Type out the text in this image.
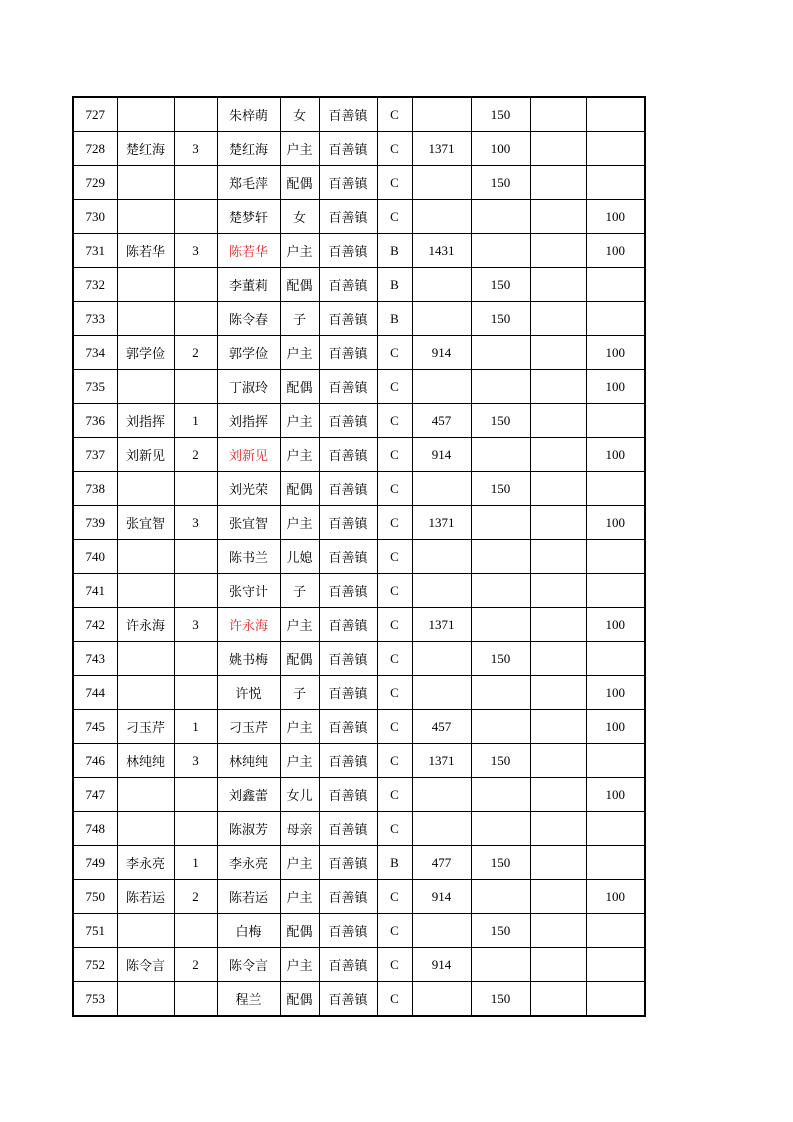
727			朱梓萌	女	百善镇	C		150		
728	楚红海	3	楚红海	户主	百善镇	C	1371	100		
729			郑毛萍	配偶	百善镇	C		150		
730			楚梦轩	女	百善镇	C				100
731	陈若华	3	陈若华	户主	百善镇	B	1431			100
732			李董莉	配偶	百善镇	B		150		
733			陈令春	子	百善镇	B		150		
734	郭学俭	2	郭学俭	户主	百善镇	C	914			100
735			丁淑玲	配偶	百善镇	C				100
736	刘指挥	1	刘指挥	户主	百善镇	C	457	150		
737	刘新见	2	刘新见	户主	百善镇	C	914			100
738			刘光荣	配偶	百善镇	C		150		
739	张宜智	3	张宜智	户主	百善镇	C	1371			100
740			陈书兰	儿媳	百善镇	C				
741			张守计	子	百善镇	C				
742	许永海	3	许永海	户主	百善镇	C	1371			100
743			姚书梅	配偶	百善镇	C		150		
744			许悦	子	百善镇	C				100
745	刁玉芹	1	刁玉芹	户主	百善镇	C	457			100
746	林纯纯	3	林纯纯	户主	百善镇	C	1371	150		
747			刘鑫蕾	女儿	百善镇	C				100
748			陈淑芳	母亲	百善镇	C				
749	李永亮	1	李永亮	户主	百善镇	B	477	150		
750	陈若运	2	陈若运	户主	百善镇	C	914			100
751			白梅	配偶	百善镇	C		150		
752	陈令言	2	陈令言	户主	百善镇	C	914			
753			程兰	配偶	百善镇	C		150		
